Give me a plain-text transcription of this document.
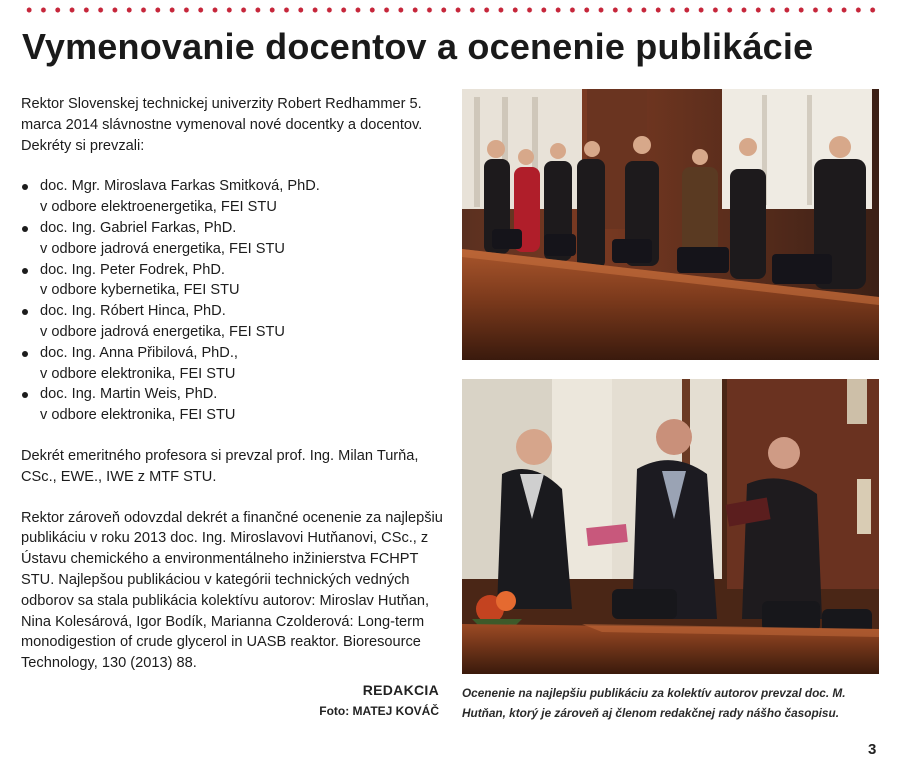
Vymenovanie docentov a ocenenie publikácie

Rektor Slovenskej technickej univerzity Robert Redhammer 5. marca 2014 slávnostne vymenoval nové docentky a docentov. Dekréty si prevzali:

doc. Mgr. Miroslava Farkas Smitková, PhD.
v odbore elektroenergetika, FEI STU
doc. Ing. Gabriel Farkas, PhD.
v odbore jadrová energetika, FEI STU
doc. Ing. Peter Fodrek, PhD.
v odbore kybernetika, FEI STU
doc. Ing. Róbert Hinca, PhD.
v odbore jadrová energetika, FEI STU
doc. Ing. Anna Přibilová, PhD.,
v odbore elektronika, FEI STU
doc. Ing. Martin Weis, PhD.
v odbore elektronika, FEI STU

Dekrét emeritného profesora si prevzal prof. Ing. Milan Turňa, CSc., EWE., IWE z MTF STU.

Rektor zároveň odovzdal dekrét a finančné ocenenie za najlepšiu publikáciu v roku 2013 doc. Ing. Miroslavovi Hutňanovi, CSc., z Ústavu chemického a environmentálneho inžinierstva FCHPT STU. Najlepšou publikáciou v kategórii technických vedných odborov sa stala publikácia kolektívu autorov: Miroslav Hutňan, Nina Kolesárová, Igor Bodík, Marianna Czolderová: Long-term monodigestion of crude glycerol in UASB reaktor. Bioresource Technology, 130 (2013) 88.

REDAKCIA
Foto: MATEJ KOVÁČ
Ocenenie na najlepšiu publikáciu za kolektív autorov prevzal doc. M. Hutňan, ktorý je zároveň aj členom redakčnej rady nášho časopisu.
3
